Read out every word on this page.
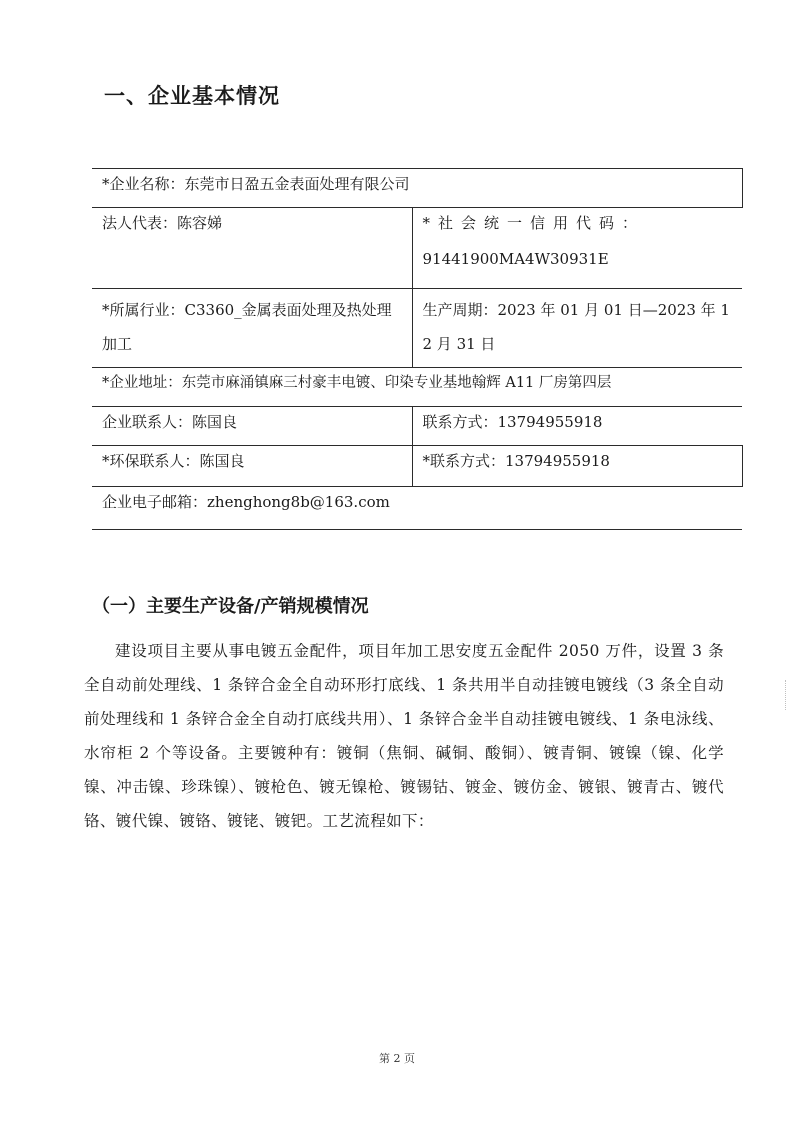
一、企业基本情况
*企业名称：东莞市日盈五金表面处理有限公司	
法人代表：陈容娣	*社会统一信用代码：
91441900MA4W30931E

*所属行业：C3360_金属表面处理及热处理加工	生产周期：2023 年 01 月 01 日—2023 年 12 月 31 日
*企业地址：东莞市麻涌镇麻三村豪丰电镀、印染专业基地翰辉 A11 厂房第四层	
企业联系人：陈国良	联系方式：13794955918
*环保联系人：陈国良	*联系方式：13794955918
企业电子邮箱：zhenghong8b@163.com	
（一）主要生产设备/产销规模情况
建设项目主要从事电镀五金配件，项目年加工思安度五金配件 2050 万件，设置 3 条全自动前处理线、1 条锌合金全自动环形打底线、1 条共用半自动挂镀电镀线（3 条全自动前处理线和 1 条锌合金全自动打底线共用）、1 条锌合金半自动挂镀电镀线、1 条电泳线、水帘柜 2 个等设备。主要镀种有：镀铜（焦铜、碱铜、酸铜）、镀青铜、镀镍（镍、化学镍、冲击镍、珍珠镍）、镀枪色、镀无镍枪、镀锡钴、镀金、镀仿金、镀银、镀青古、镀代铬、镀代镍、镀铬、镀铑、镀钯。工艺流程如下：
第 2 页
